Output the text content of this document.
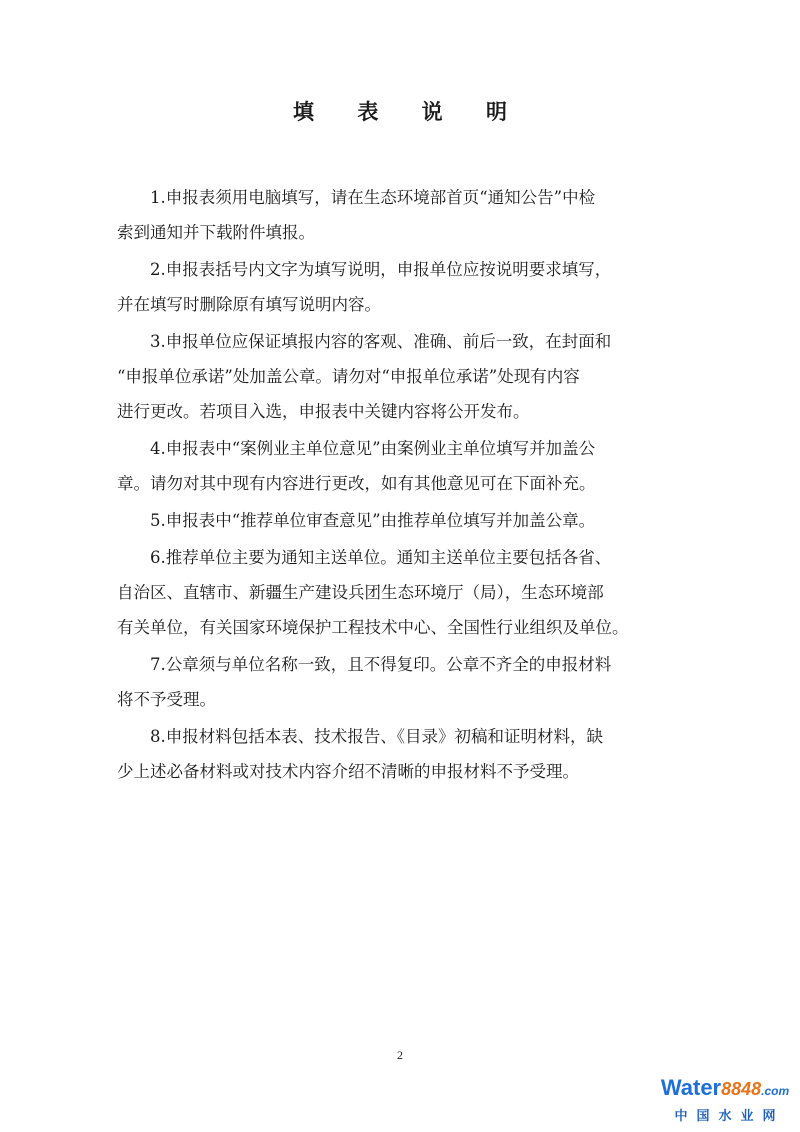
填 表 说 明

1.申报表须用电脑填写，请在生态环境部首页“通知公告”中检
索到通知并下载附件填报。

2.申报表括号内文字为填写说明，申报单位应按说明要求填写，
并在填写时删除原有填写说明内容。

3.申报单位应保证填报内容的客观、准确、前后一致，在封面和
“申报单位承诺”处加盖公章。请勿对“申报单位承诺”处现有内容
进行更改。若项目入选，申报表中关键内容将公开发布。

4.申报表中“案例业主单位意见”由案例业主单位填写并加盖公
章。请勿对其中现有内容进行更改，如有其他意见可在下面补充。

5.申报表中“推荐单位审查意见”由推荐单位填写并加盖公章。

6.推荐单位主要为通知主送单位。通知主送单位主要包括各省、
自治区、直辖市、新疆生产建设兵团生态环境厅（局），生态环境部
有关单位，有关国家环境保护工程技术中心、全国性行业组织及单位。

7.公章须与单位名称一致，且不得复印。公章不齐全的申报材料
将不予受理。

8.申报材料包括本表、技术报告、《目录》初稿和证明材料，缺
少上述必备材料或对技术内容介绍不清晰的申报材料不予受理。

2
Water8848.com
中国水业网
